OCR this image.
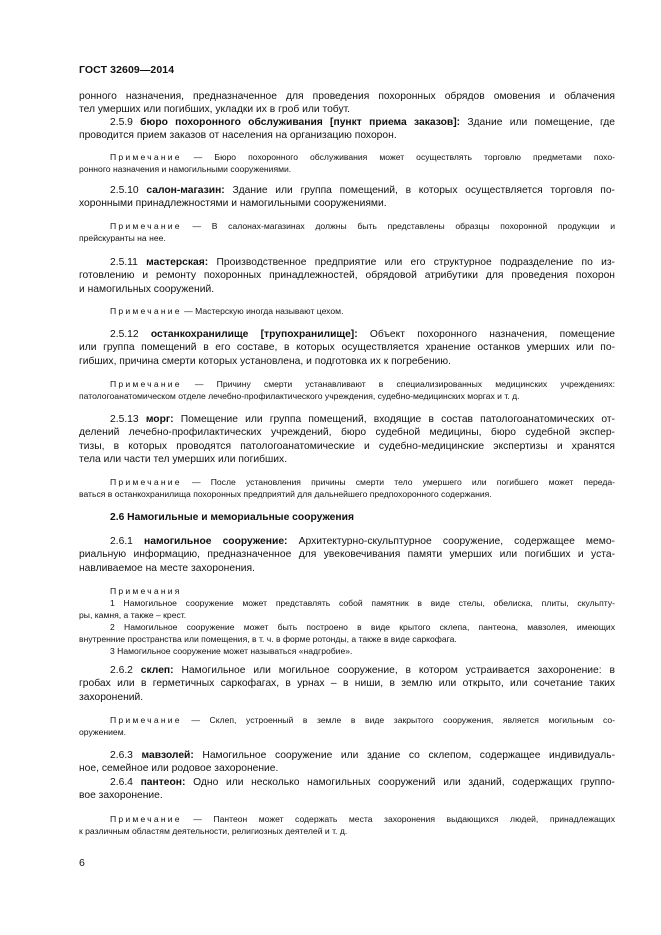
ГОСТ 32609—2014
ронного назначения, предназначенное для проведения похоронных обрядов омовения и облачения
тел умерших или погибших, укладки их в гроб или тобут.
2.5.9 бюро похоронного обслуживания [пункт приема заказов]: Здание или помещение, где
проводится прием заказов от населения на организацию похорон.
Примечание — Бюро похоронного обслуживания может осуществлять торговлю предметами похо-
ронного назначения и намогильными сооружениями.
2.5.10 салон-магазин: Здание или группа помещений, в которых осуществляется торговля по-
хоронными принадлежностями и намогильными сооружениями.
Примечание — В салонах-магазинах должны быть представлены образцы похоронной продукции и
прейскуранты на нее.
2.5.11 мастерская: Производственное предприятие или его структурное подразделение по из-
готовлению и ремонту похоронных принадлежностей, обрядовой атрибутики для проведения похорон
и намогильных сооружений.
Примечание — Мастерскую иногда называют цехом.
2.5.12 останкохранилище [трупохранилище]: Объект похоронного назначения, помещение
или группа помещений в его составе, в которых осуществляется хранение останков умерших или по-
гибших, причина смерти которых установлена, и подготовка их к погребению.
Примечание — Причину смерти устанавливают в специализированных медицинских учреждениях:
патологоанатомическом отделе лечебно-профилактического учреждения, судебно-медицинских моргах и т. д.
2.5.13 морг: Помещение или группа помещений, входящие в состав патологоанатомических от-
делений лечебно-профилактических учреждений, бюро судебной медицины, бюро судебной экспер-
тизы, в которых проводятся патологоанатомические и судебно-медицинские экспертизы и хранятся
тела или части тел умерших или погибших.
Примечание — После установления причины смерти тело умершего или погибшего может переда-
ваться в останкохранилища похоронных предприятий для дальнейшего предпохоронного содержания.
2.6 Намогильные и мемориальные сооружения
2.6.1 намогильное сооружение: Архитектурно-скульптурное сооружение, содержащее мемо-
риальную информацию, предназначенное для увековечивания памяти умерших или погибших и уста-
навливаемое на месте захоронения.
Примечания
1 Намогильное сооружение может представлять собой памятник в виде стелы, обелиска, плиты, скульпту-
ры, камня, а также – крест.
2 Намогильное сооружение может быть построено в виде крытого склепа, пантеона, мавзолея, имеющих
внутренние пространства или помещения, в т. ч. в форме ротонды, а также в виде саркофага.
3 Намогильное сооружение может называться «надгробие».
2.6.2 склеп: Намогильное или могильное сооружение, в котором устраивается захоронение: в
гробах или в герметичных саркофагах, в урнах – в ниши, в землю или открыто, или сочетание таких
захоронений.
Примечание — Склеп, устроенный в земле в виде закрытого сооружения, является могильным со-
оружением.
2.6.3 мавзолей: Намогильное сооружение или здание со склепом, содержащее индивидуаль-
ное, семейное или родовое захоронение.
2.6.4 пантеон: Одно или несколько намогильных сооружений или зданий, содержащих группо-
вое захоронение.
Примечание — Пантеон может содержать места захоронения выдающихся людей, принадлежащих
к различным областям деятельности, религиозных деятелей и т. д.
6
